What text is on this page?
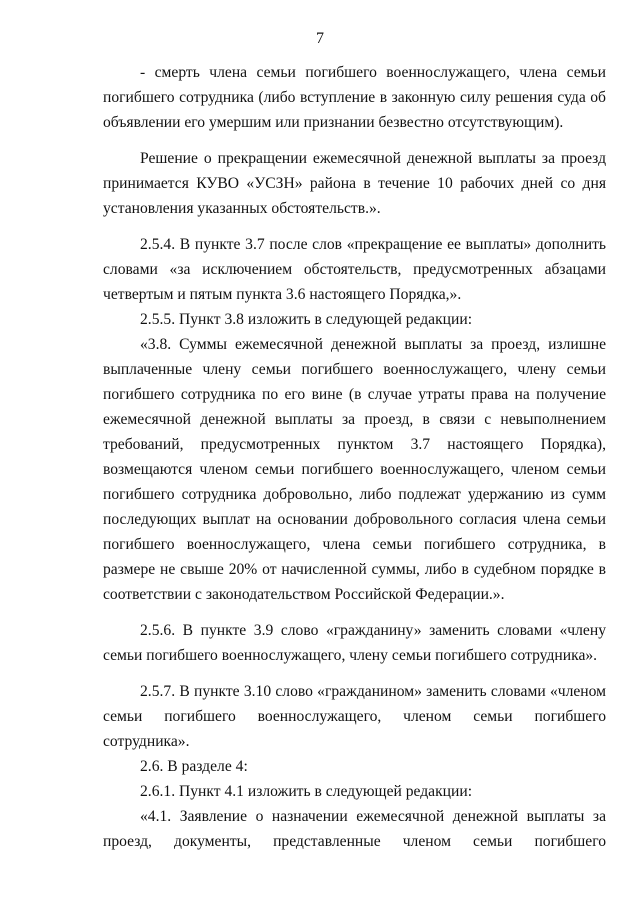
7

- смерть члена семьи погибшего военнослужащего, члена семьи погибшего сотрудника (либо вступление в законную силу решения суда об объявлении его умершим или признании безвестно отсутствующим).

Решение о прекращении ежемесячной денежной выплаты за проезд принимается КУВО «УСЗН» района в течение 10 рабочих дней со дня установления указанных обстоятельств.».

2.5.4. В пункте 3.7 после слов «прекращение ее выплаты» дополнить словами «за исключением обстоятельств, предусмотренных абзацами четвертым и пятым пункта 3.6 настоящего Порядка,».

2.5.5. Пункт 3.8 изложить в следующей редакции:

«3.8. Суммы ежемесячной денежной выплаты за проезд, излишне выплаченные члену семьи погибшего военнослужащего, члену семьи погибшего сотрудника по его вине (в случае утраты права на получение ежемесячной денежной выплаты за проезд, в связи с невыполнением требований, предусмотренных пунктом 3.7 настоящего Порядка), возмещаются членом семьи погибшего военнослужащего, членом семьи погибшего сотрудника добровольно, либо подлежат удержанию из сумм последующих выплат на основании добровольного согласия члена семьи погибшего военнослужащего, члена семьи погибшего сотрудника, в размере не свыше 20% от начисленной суммы, либо в судебном порядке в соответствии с законодательством Российской Федерации.».

2.5.6. В пункте 3.9 слово «гражданину» заменить словами «члену семьи погибшего военнослужащего, члену семьи погибшего сотрудника».

2.5.7. В пункте 3.10 слово «гражданином» заменить словами «членом семьи погибшего военнослужащего, членом семьи погибшего сотрудника».

2.6. В разделе 4:

2.6.1. Пункт 4.1 изложить в следующей редакции:

«4.1. Заявление о назначении ежемесячной денежной выплаты за проезд, документы, представленные членом семьи погибшего
